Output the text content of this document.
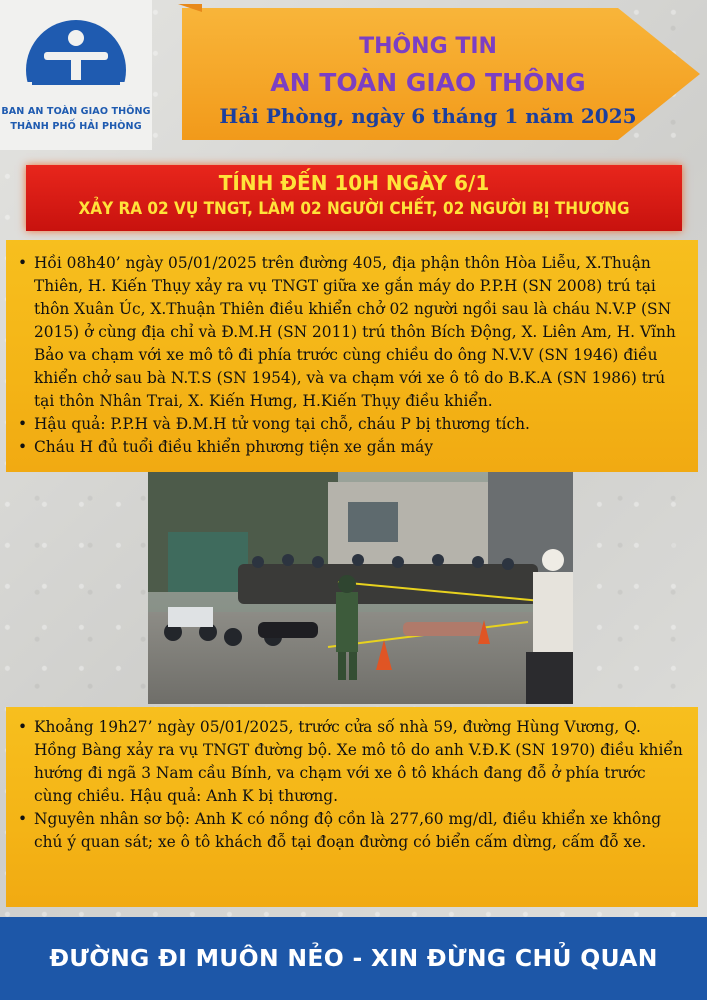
BAN AN TOÀN GIAO THÔNG
THÀNH PHỐ HẢI PHÒNG
THÔNG TIN
AN TOÀN GIAO THÔNG
Hải Phòng, ngày 6 tháng 1 năm 2025
TÍNH ĐẾN 10H NGÀY 6/1
XẢY RA 02 VỤ TNGT, LÀM 02 NGƯỜI CHẾT, 02 NGƯỜI BỊ THƯƠNG
• Hồi 08h40’ ngày 05/01/2025 trên đường 405, địa phận thôn Hòa Liễu, X.Thuận Thiên, H. Kiến Thụy xảy ra vụ TNGT giữa xe gắn máy do P.P.H (SN 2008) trú tại thôn Xuân Úc, X.Thuận Thiên điều khiển chở 02 người ngồi sau là cháu N.V.P (SN 2015) ở cùng địa chỉ và Đ.M.H (SN 2011) trú thôn Bích Động, X. Liên Am, H. Vĩnh Bảo va chạm với xe mô tô đi phía trước cùng chiều do ông N.V.V (SN 1946) điều khiển chở sau bà N.T.S (SN 1954), và va chạm với xe ô tô do B.K.A (SN 1986) trú tại thôn Nhân Trai, X. Kiến Hưng, H.Kiến Thụy điều khiển.
• Hậu quả: P.P.H và Đ.M.H tử vong tại chỗ, cháu P bị thương tích.
• Cháu H đủ tuổi điều khiển phương tiện xe gắn máy
• Khoảng 19h27’ ngày 05/01/2025, trước cửa số nhà 59, đường Hùng Vương, Q. Hồng Bàng xảy ra vụ TNGT đường bộ. Xe mô tô do anh V.Đ.K (SN 1970) điều khiển hướng đi ngã 3 Nam cầu Bính, va chạm với xe ô tô khách đang đỗ ở phía trước cùng chiều. Hậu quả: Anh K bị thương.
• Nguyên nhân sơ bộ: Anh K có nồng độ cồn là 277,60 mg/dl, điều khiển xe không chú ý quan sát; xe ô tô khách đỗ tại đoạn đường có biển cấm dừng, cấm đỗ xe.
ĐƯỜNG ĐI MUÔN NẺO - XIN ĐỪNG CHỦ QUAN
